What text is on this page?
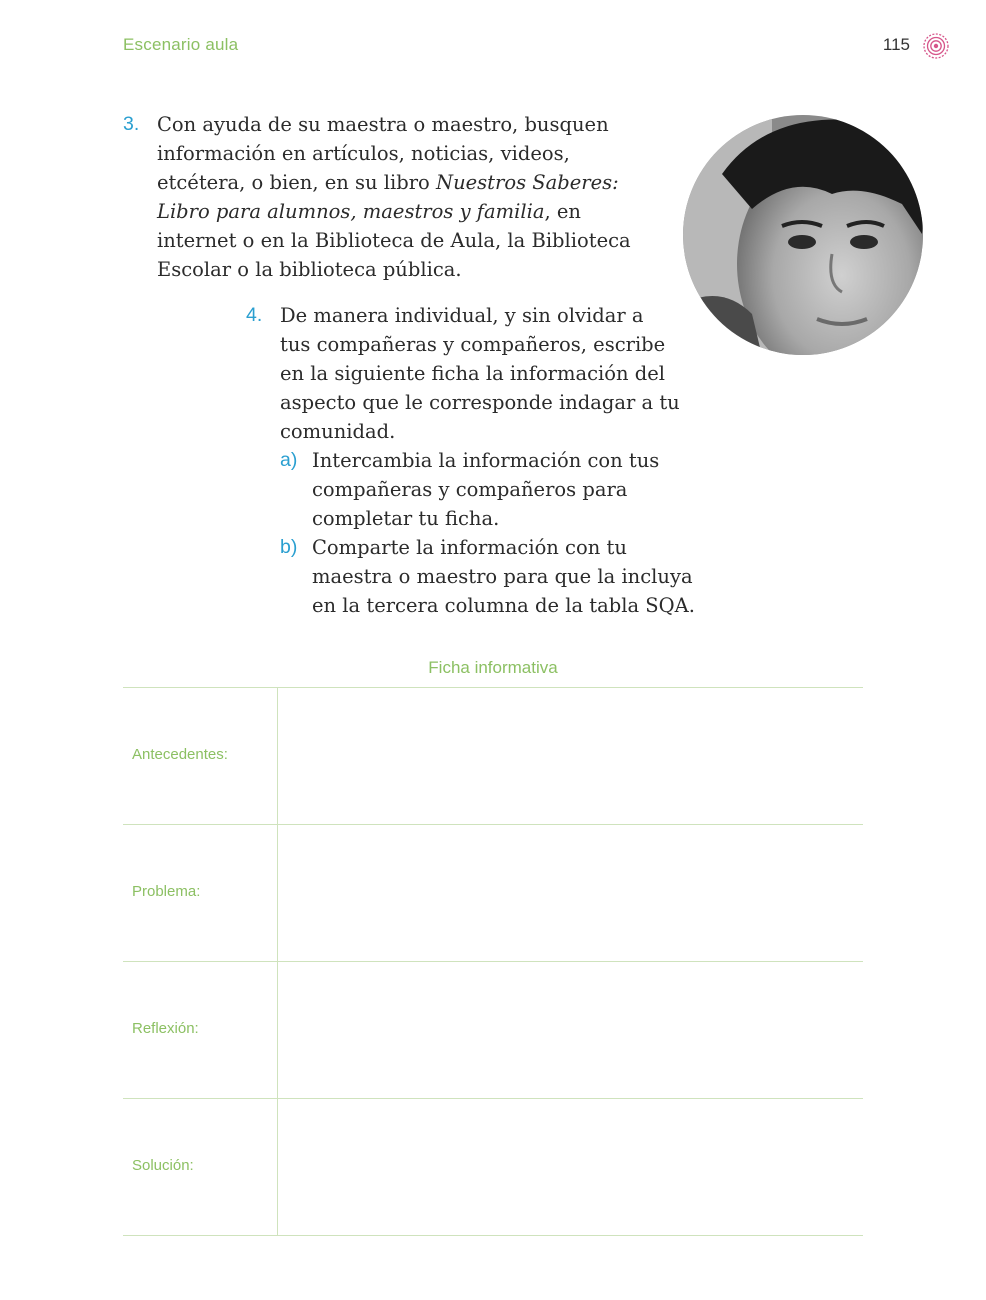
Escenario aula	115
3. Con ayuda de su maestra o maestro, busquen
información en artículos, noticias, videos,
etcétera, o bien, en su libro Nuestros Saberes:
Libro para alumnos, maestros y familia, en
internet o en la Biblioteca de Aula, la Biblioteca
Escolar o la biblioteca pública.
4. De manera individual, y sin olvidar a
tus compañeras y compañeros, escribe
en la siguiente ficha la información del
aspecto que le corresponde indagar a tu
comunidad.
a) Intercambia la información con tus
compañeras y compañeros para
completar tu ficha.
b) Comparte la información con tu
maestra o maestro para que la incluya
en la tercera columna de la tabla SQA.
Ficha informativa
Antecedentes:
Problema:
Reflexión:
Solución:
